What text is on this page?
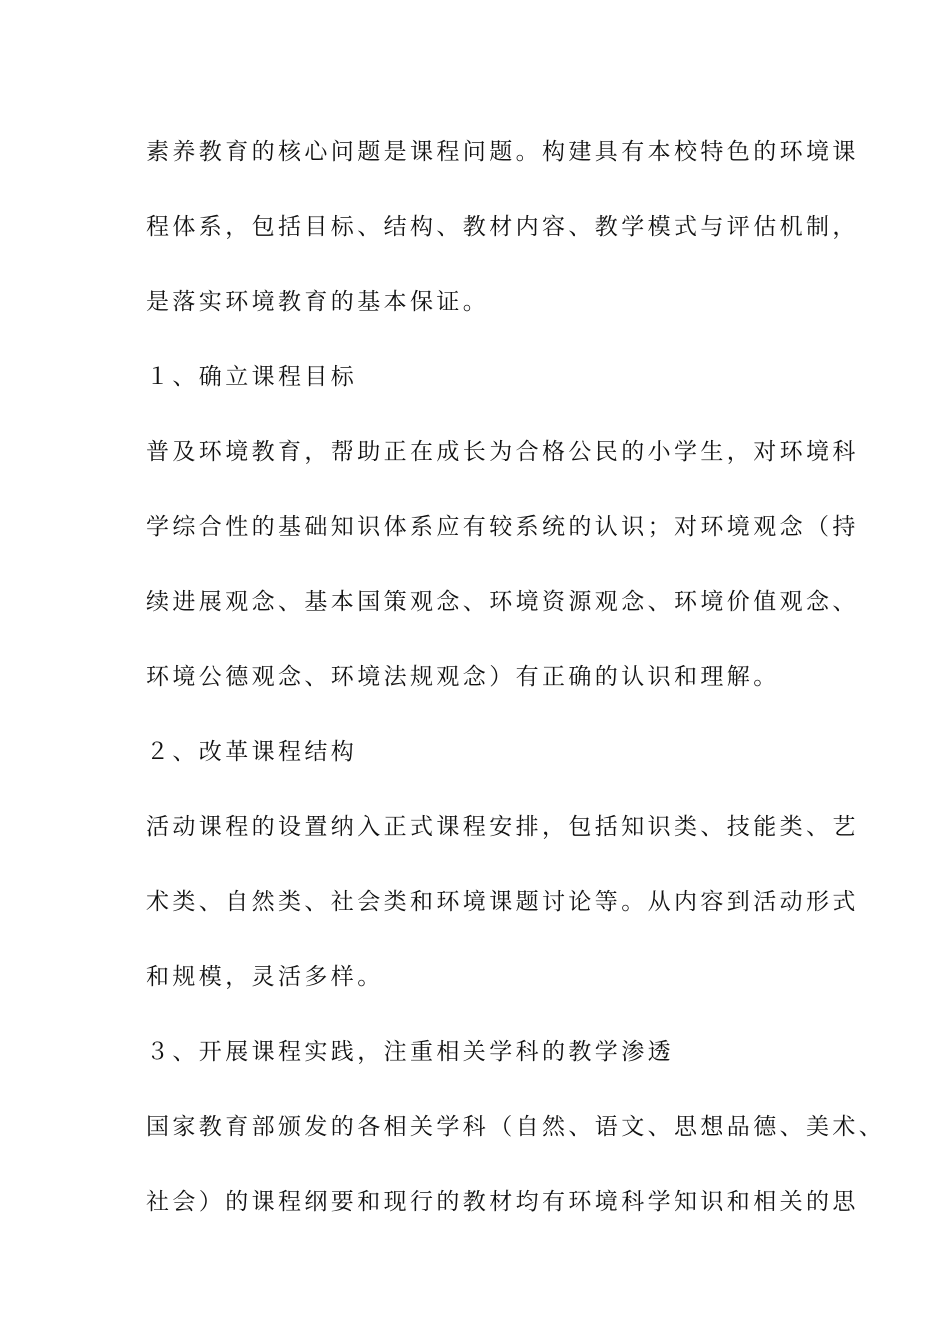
素养教育的核心问题是课程问题。构建具有本校特色的环境课

程体系，包括目标、结构、教材内容、教学模式与评估机制，

是落实环境教育的基本保证。

１、确立课程目标

普及环境教育，帮助正在成长为合格公民的小学生，对环境科

学综合性的基础知识体系应有较系统的认识；对环境观念（持

续进展观念、基本国策观念、环境资源观念、环境价值观念、

环境公德观念、环境法规观念）有正确的认识和理解。

２、改革课程结构

活动课程的设置纳入正式课程安排，包括知识类、技能类、艺

术类、自然类、社会类和环境课题讨论等。从内容到活动形式

和规模，灵活多样。

３、开展课程实践，注重相关学科的教学渗透

国家教育部颁发的各相关学科（自然、语文、思想品德、美术、

社会）的课程纲要和现行的教材均有环境科学知识和相关的思
